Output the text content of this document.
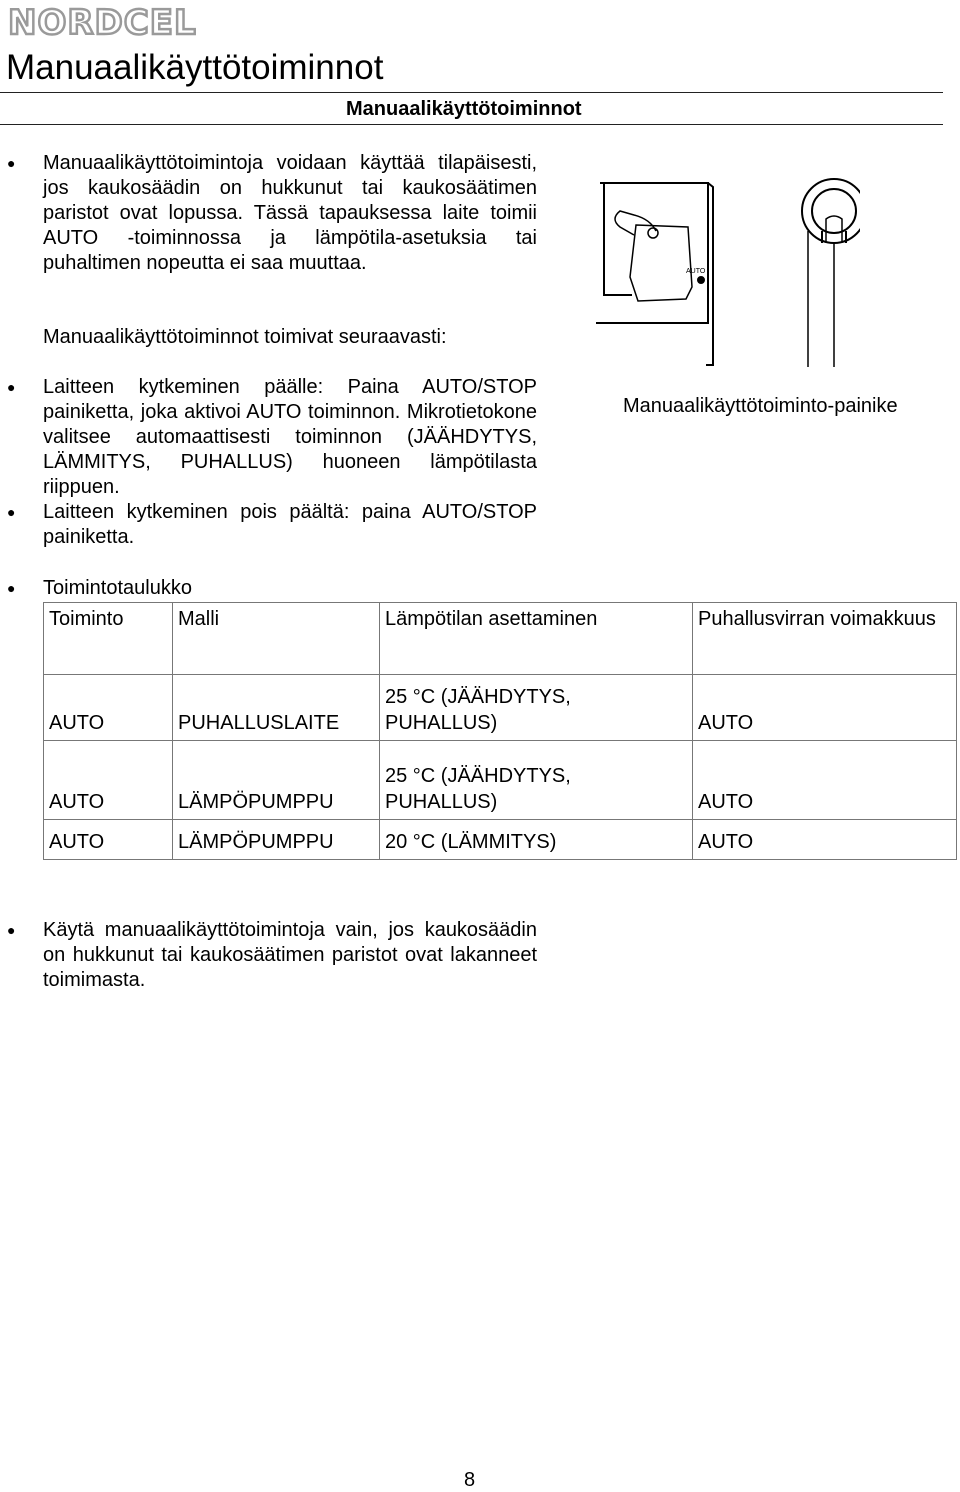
NORDCEL
Manuaalikäyttötoiminnot
Manuaalikäyttötoiminnot
● Manuaalikäyttötoimintoja voidaan käyttää tilapäisesti, jos kaukosäädin on hukkunut tai kaukosäätimen paristot ovat lopussa. Tässä tapauksessa laite toimii AUTO -toiminnossa ja lämpötila-asetuksia tai puhaltimen nopeutta ei saa muuttaa.

Manuaalikäyttötoiminnot toimivat seuraavasti:
● Laitteen kytkeminen päälle: Paina AUTO/STOP painiketta, joka aktivoi AUTO toiminnon. Mikrotietokone valitsee automaattisesti toiminnon (JÄÄHDYTYS, LÄMMITYS, PUHALLUS) huoneen lämpötilasta riippuen.

● Laitteen kytkeminen pois päältä: paina AUTO/STOP painiketta.

AUTO
Manuaalikäyttötoiminto-painike
● Toimintotaulukko
Toiminto	Malli	Lämpötilan asettaminen	Puhallusvirran voimakkuus
AUTO	PUHALLUSLAITE	25 °C (JÄÄHDYTYS, PUHALLUS)	AUTO
AUTO	LÄMPÖPUMPPU	25 °C (JÄÄHDYTYS, PUHALLUS)	AUTO
AUTO	LÄMPÖPUMPPU	20 °C (LÄMMITYS)	AUTO
● Käytä manuaalikäyttötoimintoja vain, jos kaukosäädin on hukkunut tai kaukosäätimen paristot ovat lakanneet toimimasta.

8
